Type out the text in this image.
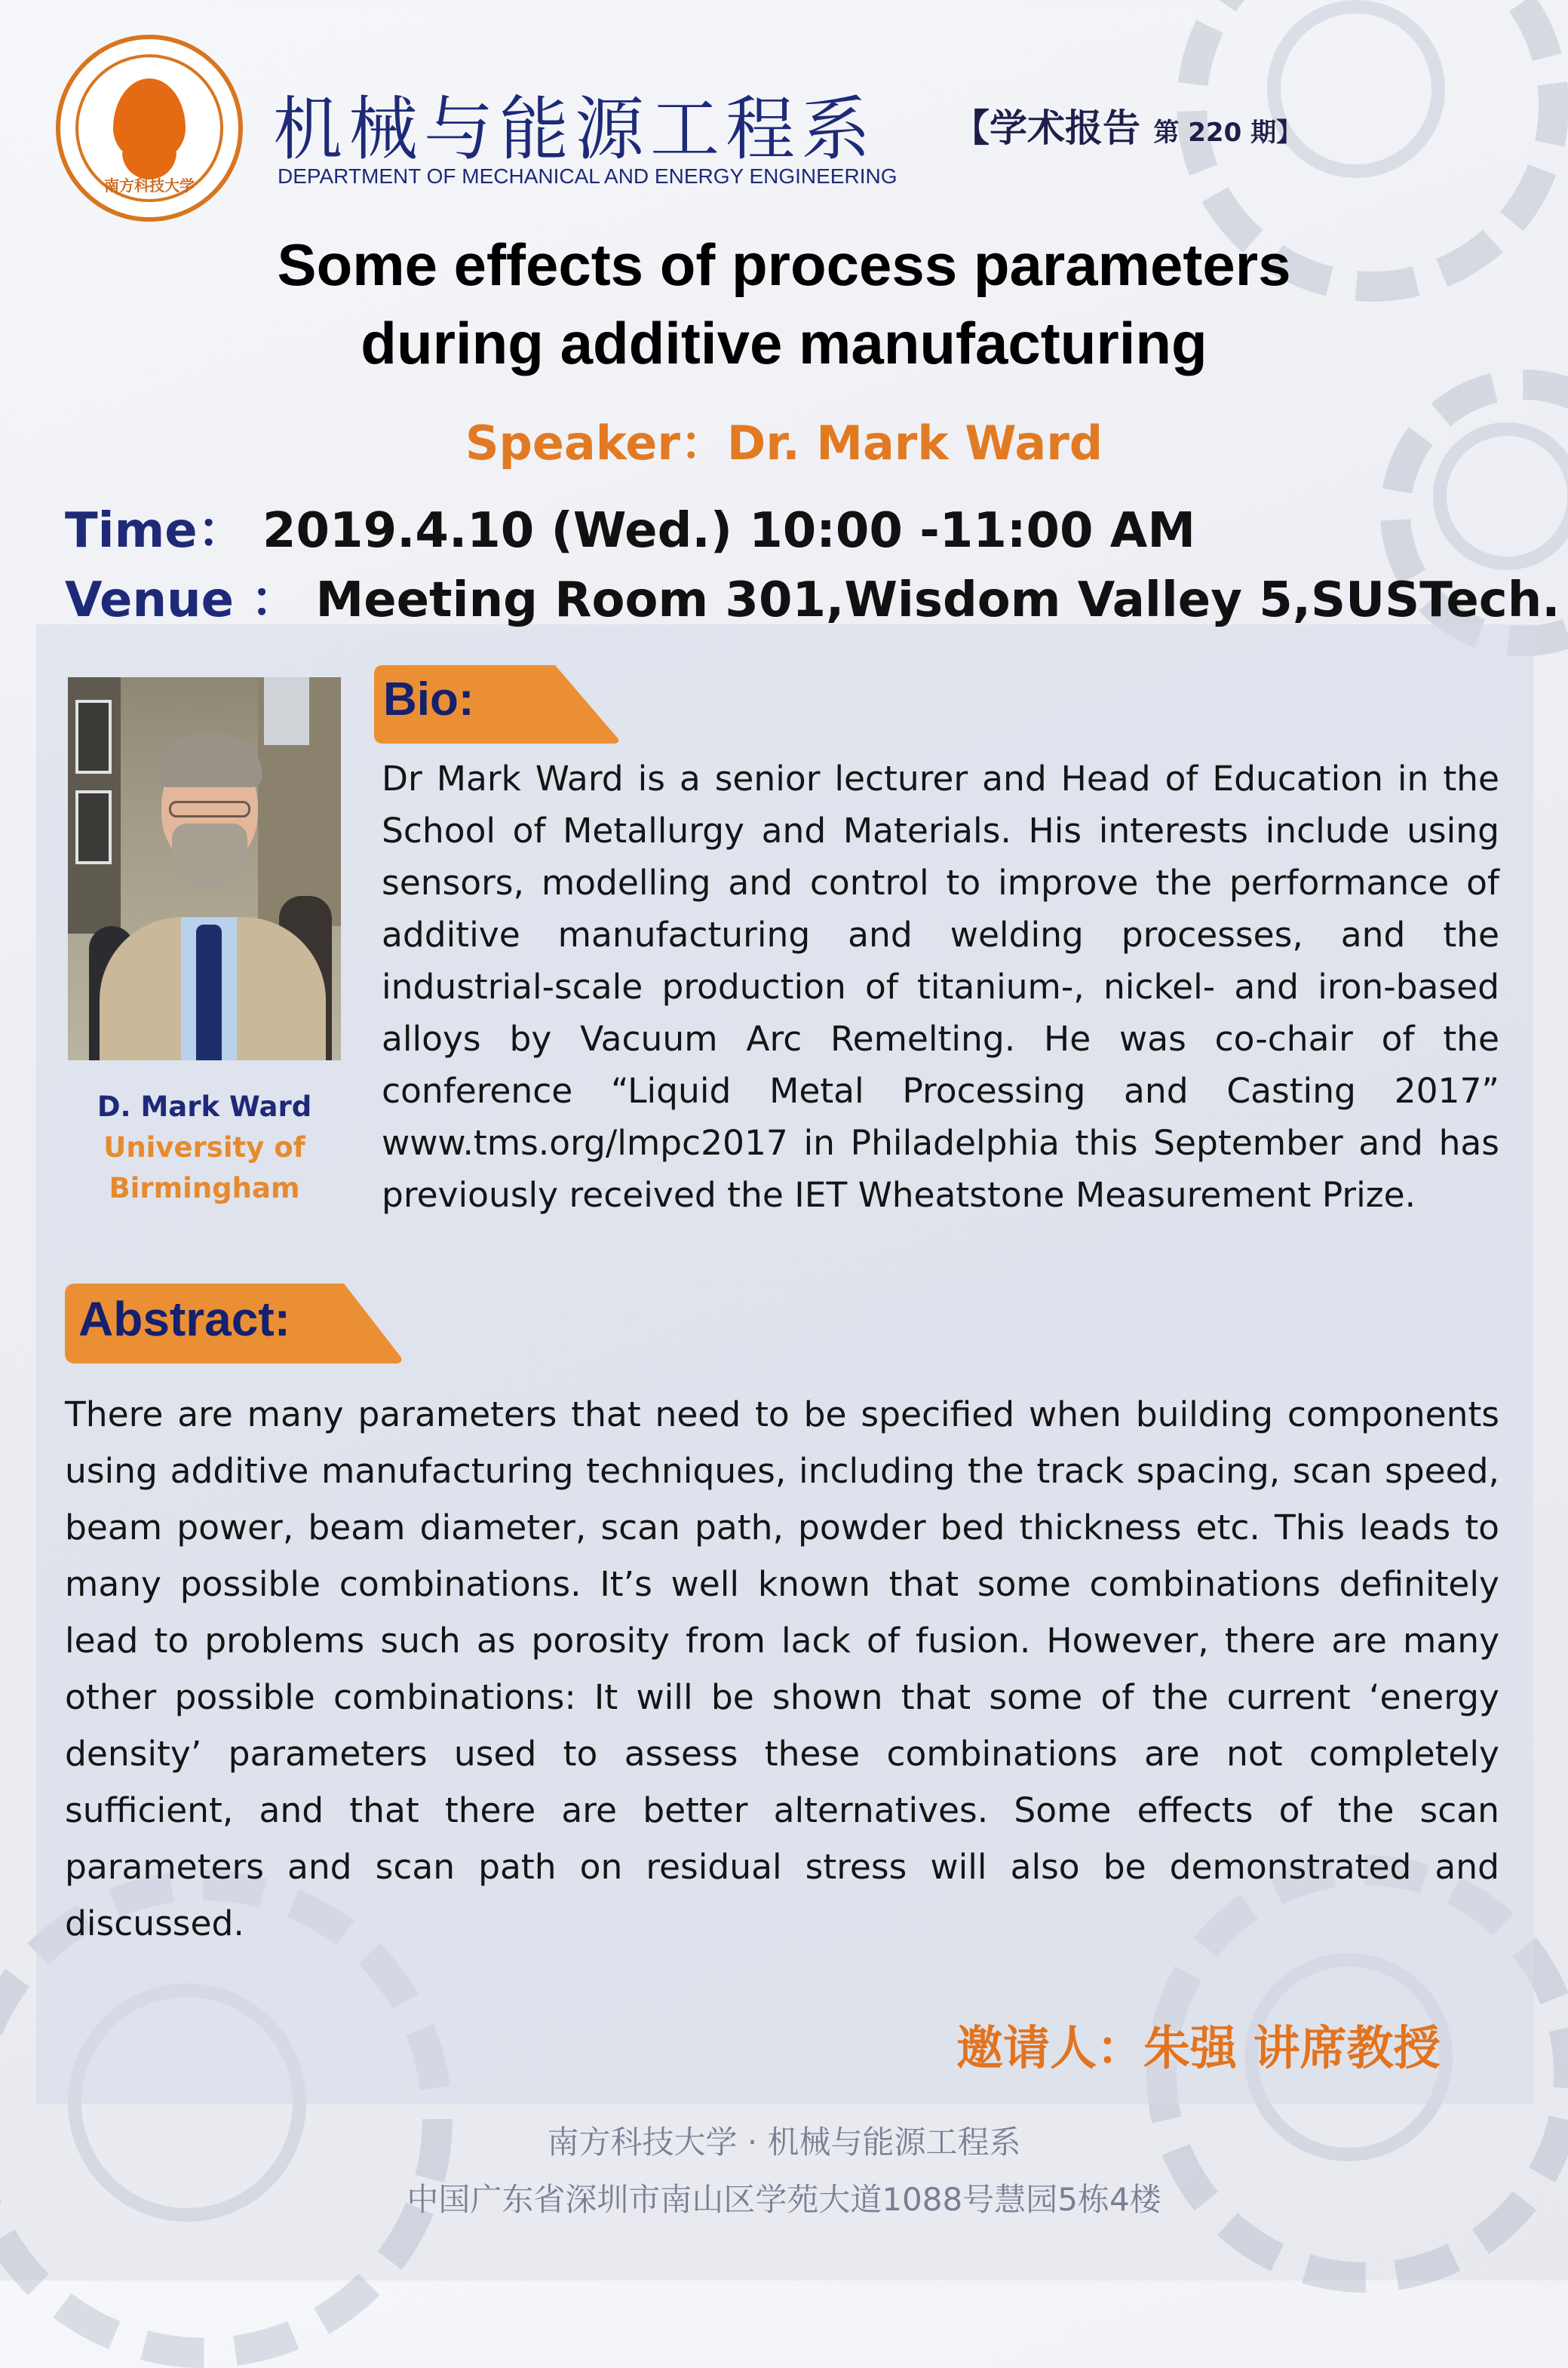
南方科技大学
机械与能源工程系
DEPARTMENT OF MECHANICAL AND ENERGY ENGINEERING
【学术报告 第 220 期】
Some effects of process parameters
during additive manufacturing
Speaker：Dr. Mark Ward
Time： 2019.4.10 (Wed.) 10:00 -11:00 AM
Venue ： Meeting Room 301,Wisdom Valley 5,SUSTech.
D. Mark Ward
University of
Birmingham
Bio:
Dr Mark Ward is a senior lecturer and Head of Education in the School of Metallurgy and Materials. His interests include using sensors, modelling and control to improve the performance of additive manufacturing and welding processes, and the industrial-scale production of titanium-, nickel- and iron-based alloys by Vacuum Arc Remelting. He was co-chair of the conference “Liquid Metal Processing and Casting 2017” www.tms.org/lmpc2017 in Philadelphia this September and has previously received the IET Wheatstone Measurement Prize.
Abstract:
There are many parameters that need to be specified when building components using additive manufacturing techniques, including the track spacing, scan speed, beam power, beam diameter, scan path, powder bed thickness etc. This leads to many possible combinations. It’s well known that some combinations definitely lead to problems such as porosity from lack of fusion. However, there are many other possible combinations: It will be shown that some of the current ‘energy density’ parameters used to assess these combinations are not completely sufficient, and that there are better alternatives. Some effects of the scan parameters and scan path on residual stress will also be demonstrated and discussed.
邀请人：朱强 讲席教授
南方科技大学 · 机械与能源工程系
中国广东省深圳市南山区学苑大道1088号慧园5栋4楼
